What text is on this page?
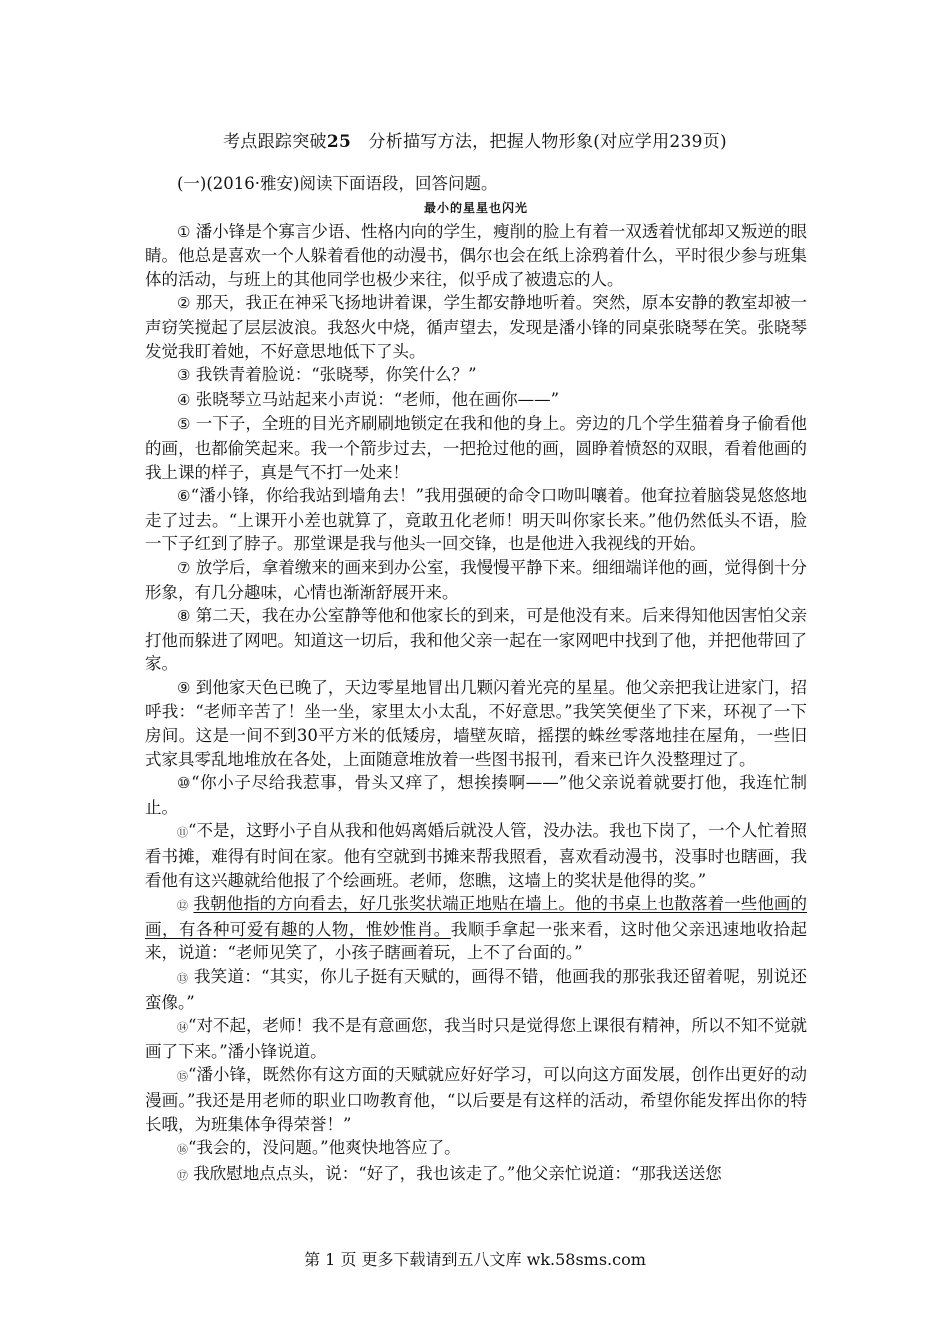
考点跟踪突破25　分析描写方法，把握人物形象(对应学用239页)

(一)(2016·雅安)阅读下面语段，回答问题。

最小的星星也闪光

① 潘小锋是个寡言少语、性格内向的学生，瘦削的脸上有着一双透着忧郁却又叛逆的眼睛。他总是喜欢一个人躲着看他的动漫书，偶尔也会在纸上涂鸦着什么，平时很少参与班集体的活动，与班上的其他同学也极少来往，似乎成了被遗忘的人。

② 那天，我正在神采飞扬地讲着课，学生都安静地听着。突然，原本安静的教室却被一声窃笑搅起了层层波浪。我怒火中烧，循声望去，发现是潘小锋的同桌张晓琴在笑。张晓琴发觉我盯着她，不好意思地低下了头。

③ 我铁青着脸说：“张晓琴，你笑什么？”

④ 张晓琴立马站起来小声说：“老师，他在画你——”

⑤ 一下子，全班的目光齐刷刷地锁定在我和他的身上。旁边的几个学生猫着身子偷看他的画，也都偷笑起来。我一个箭步过去，一把抢过他的画，圆睁着愤怒的双眼，看着他画的我上课的样子，真是气不打一处来！

⑥“潘小锋，你给我站到墙角去！”我用强硬的命令口吻叫嚷着。他耷拉着脑袋晃悠悠地走了过去。“上课开小差也就算了，竟敢丑化老师！明天叫你家长来。”他仍然低头不语，脸一下子红到了脖子。那堂课是我与他头一回交锋，也是他进入我视线的开始。

⑦ 放学后，拿着缴来的画来到办公室，我慢慢平静下来。细细端详他的画，觉得倒十分形象，有几分趣味，心情也渐渐舒展开来。

⑧ 第二天，我在办公室静等他和他家长的到来，可是他没有来。后来得知他因害怕父亲打他而躲进了网吧。知道这一切后，我和他父亲一起在一家网吧中找到了他，并把他带回了家。

⑨ 到他家天色已晚了，天边零星地冒出几颗闪着光亮的星星。他父亲把我让进家门，招呼我：“老师辛苦了！坐一坐，家里太小太乱，不好意思。”我笑笑便坐了下来，环视了一下房间。这是一间不到30平方米的低矮房，墙壁灰暗，摇摆的蛛丝零落地挂在屋角，一些旧式家具零乱地堆放在各处，上面随意堆放着一些图书报刊，看来已许久没整理过了。

⑩“你小子尽给我惹事，骨头又痒了，想挨揍啊——”他父亲说着就要打他，我连忙制止。

⑪“不是，这野小子自从我和他妈离婚后就没人管，没办法。我也下岗了，一个人忙着照看书摊，难得有时间在家。他有空就到书摊来帮我照看，喜欢看动漫书，没事时也瞎画，我看他有这兴趣就给他报了个绘画班。老师，您瞧，这墙上的奖状是他得的奖。”

⑫ 我朝他指的方向看去，好几张奖状端正地贴在墙上。他的书桌上也散落着一些他画的画，有各种可爱有趣的人物，惟妙惟肖。我顺手拿起一张来看，这时他父亲迅速地收拾起来，说道：“老师见笑了，小孩子瞎画着玩，上不了台面的。”

⑬ 我笑道：“其实，你儿子挺有天赋的，画得不错，他画我的那张我还留着呢，别说还蛮像。”

⑭“对不起，老师！我不是有意画您，我当时只是觉得您上课很有精神，所以不知不觉就画了下来。”潘小锋说道。

⑮“潘小锋，既然你有这方面的天赋就应好好学习，可以向这方面发展，创作出更好的动漫画。”我还是用老师的职业口吻教育他，“以后要是有这样的活动，希望你能发挥出你的特长哦，为班集体争得荣誉！”

⑯“我会的，没问题。”他爽快地答应了。

⑰ 我欣慰地点点头，说：“好了，我也该走了。”他父亲忙说道：“那我送送您

第 1 页 更多下载请到五八文库 wk.58sms.com
